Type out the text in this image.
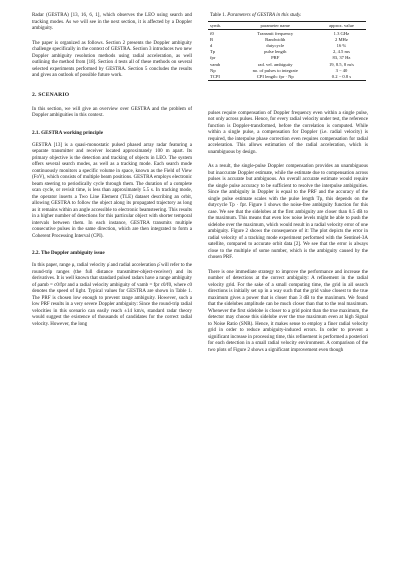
Radar (GESTRA) [13, 16, 6, 1], which observes the LEO using search and tracking modes. As we will see in the next section, it is affected by a Doppler ambiguity.

The paper is organized as follows. Section 2 presents the Doppler ambiguity challenge specifically in the context of GESTRA. Section 3 introduces two new Doppler ambiguity resolution methods using radial acceleration, as well outlining the method from [18]. Section 4 tests all of these methods on several selected experiments performed by GESTRA. Section 5 concludes the results and gives an outlook of possible future work.

2. SCENARIO

In this section, we will give an overview over GESTRA and the problem of Doppler ambiguities in this context.

2.1. GESTRA working principle

GESTRA [13] is a quasi-monostatic pulsed phased array radar featuring a separate transmitter and receiver located approximately 100 m apart. Its primary objective is the detection and tracking of objects in LEO. The system offers several search modes, as well as a tracking mode. Each search mode continuously monitors a specific volume in space, known as the Field of View (FoV), which consists of multiple beam positions. GESTRA employs electronic beam steering to periodically cycle through them. The duration of a complete scan cycle, or revisit time, is less than approximately 5.5 s. In tracking mode, the operator inserts a Two Line Element (TLE) dataset describing an orbit, allowing GESTRA to follow the object along its propagated trajectory as long as it remains within an angle accessible to electronic beamsteering. This results in a higher number of detections for this particular object with shorter temporal intervals between them. In each instance, GESTRA transmits multiple consecutive pulses in the same direction, which are then integrated to form a Coherent Processing Interval (CPI).

2.2. The Doppler ambiguity issue

In this paper, range ρ, radial velocity ρ̇ and radial acceleration ρ̈ will refer to the round-trip ranges (the full distance transmitter-object-receiver) and its derivatives. It is well known that standard pulsed radars have a range ambiguity of ρamb = c0/fpr and a radial velocity ambiguity of vamb = fpr c0/f0, where c0 denotes the speed of light. Typical values for GESTRA are shown in Table 1. The PRF is chosen low enough to prevent range ambiguity. However, such a low PRF results in a very severe Doppler ambiguity: Since the round-trip radial velocities in this scenario can easily reach ±14 km/s, standard radar theory would suggest the existence of thousands of candidates for the correct radial velocity. However, the long

Table 1. Parameters of GESTRA in this study.
symb.	parameter name	approx. value
f0	Transmit frequency	1.3 GHz
B	Bandwidth	2 MHz
d	dutycycle	16 %
Tp	pulse length	2, 4.5 ms
fpr	PRF	83, 37 Hz
vamb	rad. vel. ambiguity	19, 8.5, 8 m/s
Np	no. of pulses to integrate	3 − 40
TCPI	CPI length: fpr · Np	0.2 − 0.8 s

pulses require compensation of Doppler frequency even within a single pulse, not only across pulses. Hence, for every radial velocity under test, the reference function is Doppler-transformed, before the correlation is computed. While within a single pulse, a compensation for Doppler (i.e. radial velocity) is required, the interpulse phase correction even requires compensation for radial acceleration. This allows estimation of the radial acceleration, which is unambiguous by design.

As a result, the single-pulse Doppler compensation provides an unambiguous but inaccurate Doppler estimate, while the estimate due to compensation across pulses is accurate but ambiguous. An overall accurate estimate would require the single pulse accuracy to be sufficient to resolve the interpulse ambiguities. Since the ambiguity in Doppler is equal to the PRF and the accuracy of the single pulse estimate scales with the pulse length Tp, this depends on the dutycycle Tp · fpr. Figure 1 shows the noise-free ambiguity function for this case. We see that the sidelobes at the first ambiguity are closer than 0.5 dB to the maximum. This means that even low noise levels might be able to push the sidelobe over the maximum, which would result in a radial velocity error of one ambiguity. Figure 2 shows the consequence of it: The plot depicts the error in radial velocity of a tracking mode experiment performed with the Sentinel-3A satellite, compared to accurate orbit data [2]. We see that the error is always close to the multiple of some number, which is the ambiguity caused by the chosen PRF.

There is one immediate strategy to improve the performance and increase the number of detections at the correct ambiguity: A refinement in the radial velocity grid. For the sake of a small computing time, the grid in all search directions is initially set up in a way such that the grid value closest to the true maximum gives a power that is closer than 3 dB to the maximum. We found that the sidelobes amplitude can be much closer than that to the real maximum. Whenever the first sidelobe is closer to a grid point than the true maximum, the detector may choose this sidelobe over the true maximum even at high Signal to Noise Ratio (SNR). Hence, it makes sense to employ a finer radial velocity grid in order to reduce ambiguity-induced errors. In order to prevent a significant increase in processing time, this refinement is performed a posteriori for each detection in a small radial velocity environment. A comparison of the two plots of Figure 2 shows a significant improvement even though
